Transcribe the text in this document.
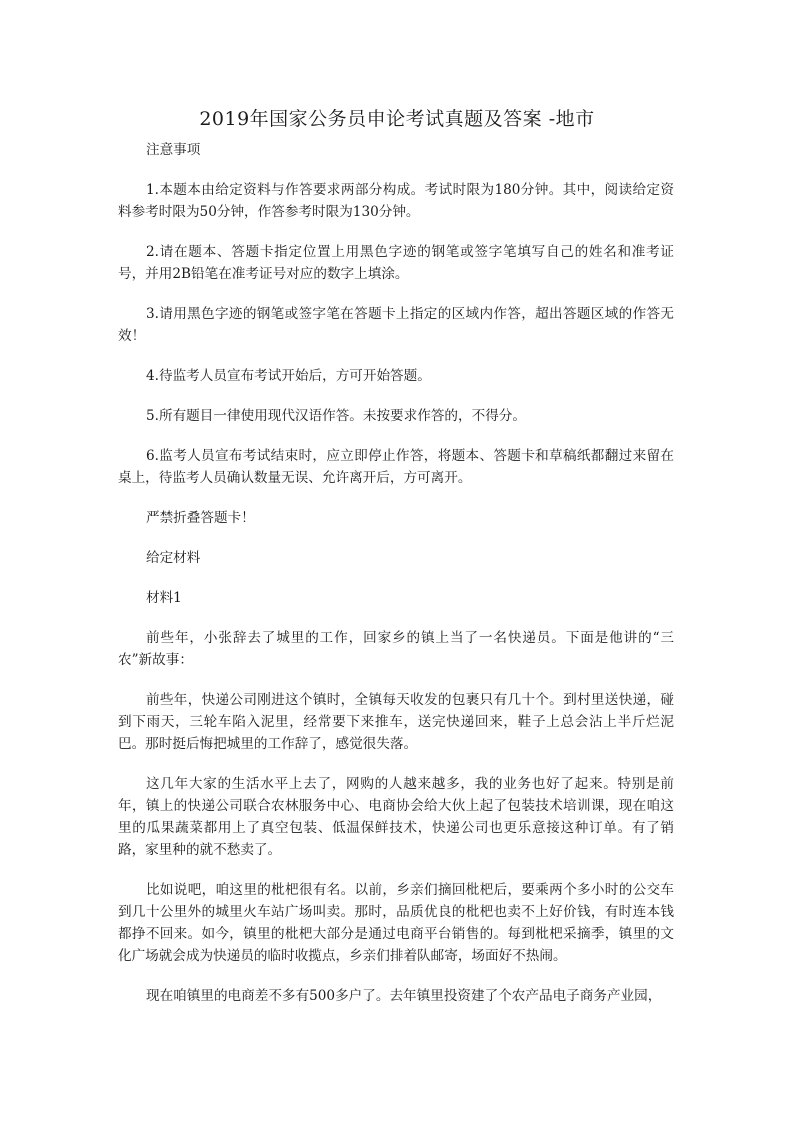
2019年国家公务员申论考试真题及答案 -地市

注意事项

1.本题本由给定资料与作答要求两部分构成。考试时限为180分钟。其中，阅读给定资料参考时限为50分钟，作答参考时限为130分钟。

2.请在题本、答题卡指定位置上用黑色字迹的钢笔或签字笔填写自己的姓名和准考证号，并用2B铅笔在准考证号对应的数字上填涂。

3.请用黑色字迹的钢笔或签字笔在答题卡上指定的区域内作答，超出答题区域的作答无效！

4.待监考人员宣布考试开始后，方可开始答题。

5.所有题目一律使用现代汉语作答。未按要求作答的，不得分。

6.监考人员宣布考试结束时，应立即停止作答，将题本、答题卡和草稿纸都翻过来留在桌上，待监考人员确认数量无误、允许离开后，方可离开。

严禁折叠答题卡！

给定材料

材料1

前些年，小张辞去了城里的工作，回家乡的镇上当了一名快递员。下面是他讲的“三农”新故事：

前些年，快递公司刚进这个镇时，全镇每天收发的包裹只有几十个。到村里送快递，碰到下雨天，三轮车陷入泥里，经常要下来推车，送完快递回来，鞋子上总会沾上半斤烂泥巴。那时挺后悔把城里的工作辞了，感觉很失落。

这几年大家的生活水平上去了，网购的人越来越多，我的业务也好了起来。特别是前年，镇上的快递公司联合农林服务中心、电商协会给大伙上起了包装技术培训课，现在咱这里的瓜果蔬菜都用上了真空包装、低温保鲜技术，快递公司也更乐意接这种订单。有了销路，家里种的就不愁卖了。

比如说吧，咱这里的枇杷很有名。以前，乡亲们摘回枇杷后，要乘两个多小时的公交车到几十公里外的城里火车站广场叫卖。那时，品质优良的枇杷也卖不上好价钱，有时连本钱都挣不回来。如今，镇里的枇杷大部分是通过电商平台销售的。每到枇杷采摘季，镇里的文化广场就会成为快递员的临时收揽点，乡亲们排着队邮寄，场面好不热闹。

现在咱镇里的电商差不多有500多户了。去年镇里投资建了个农产品电子商务产业园，
